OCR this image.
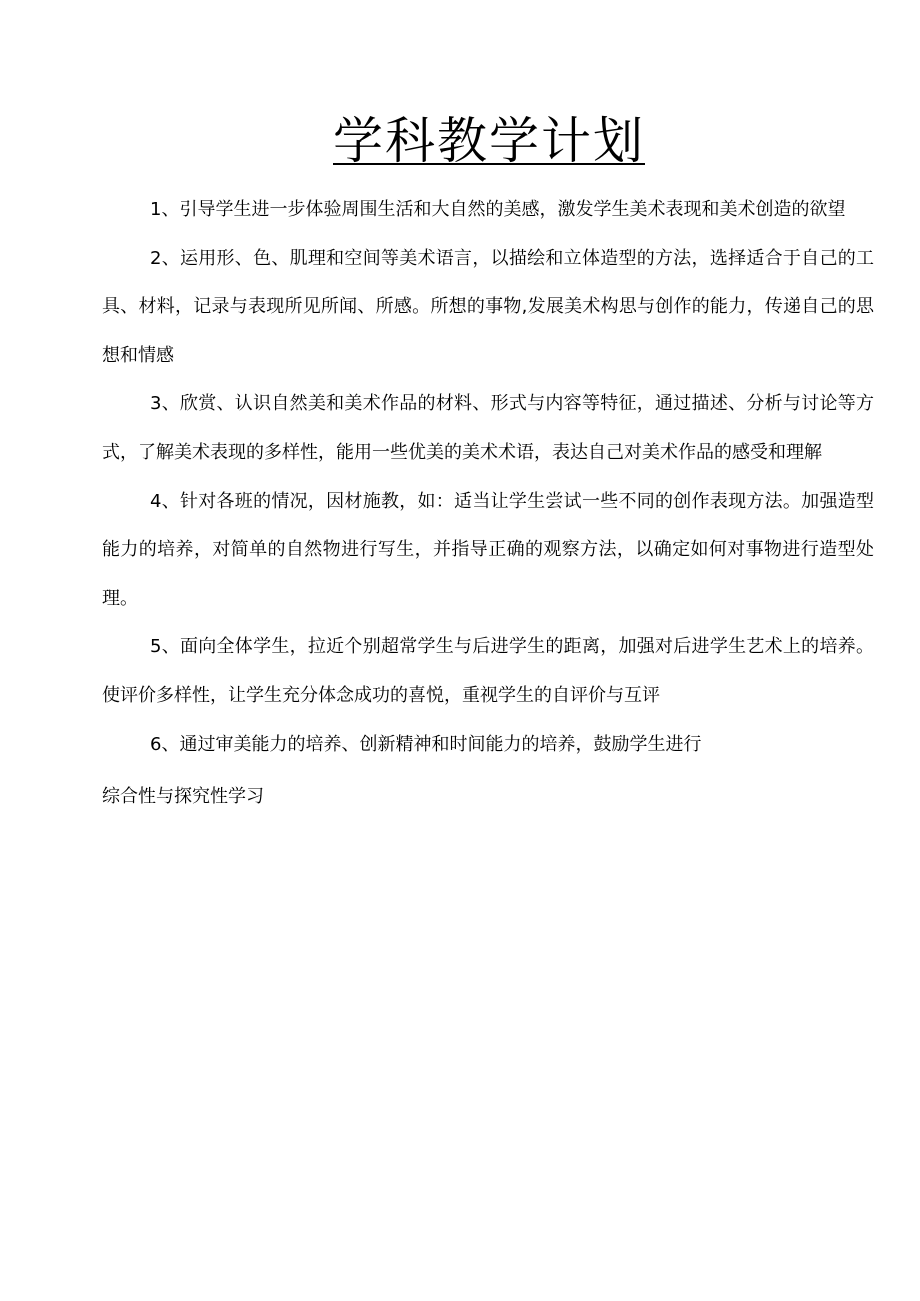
学科教学计划

1、引导学生进一步体验周围生活和大自然的美感，激发学生美术表现和美术创造的欲望

2、运用形、色、肌理和空间等美术语言，以描绘和立体造型的方法，选择适合于自己的工具、材料，记录与表现所见所闻、所感。所想的事物,发展美术构思与创作的能力，传递自己的思想和情感

3、欣赏、认识自然美和美术作品的材料、形式与内容等特征，通过描述、分析与讨论等方式，了解美术表现的多样性，能用一些优美的美术术语，表达自己对美术作品的感受和理解

4、针对各班的情况，因材施教，如：适当让学生尝试一些不同的创作表现方法。加强造型能力的培养，对简单的自然物进行写生，并指导正确的观察方法，以确定如何对事物进行造型处理。

5、面向全体学生，拉近个别超常学生与后进学生的距离，加强对后进学生艺术上的培养。使评价多样性，让学生充分体念成功的喜悦，重视学生的自评价与互评

6、通过审美能力的培养、创新精神和时间能力的培养，鼓励学生进行

综合性与探究性学习
